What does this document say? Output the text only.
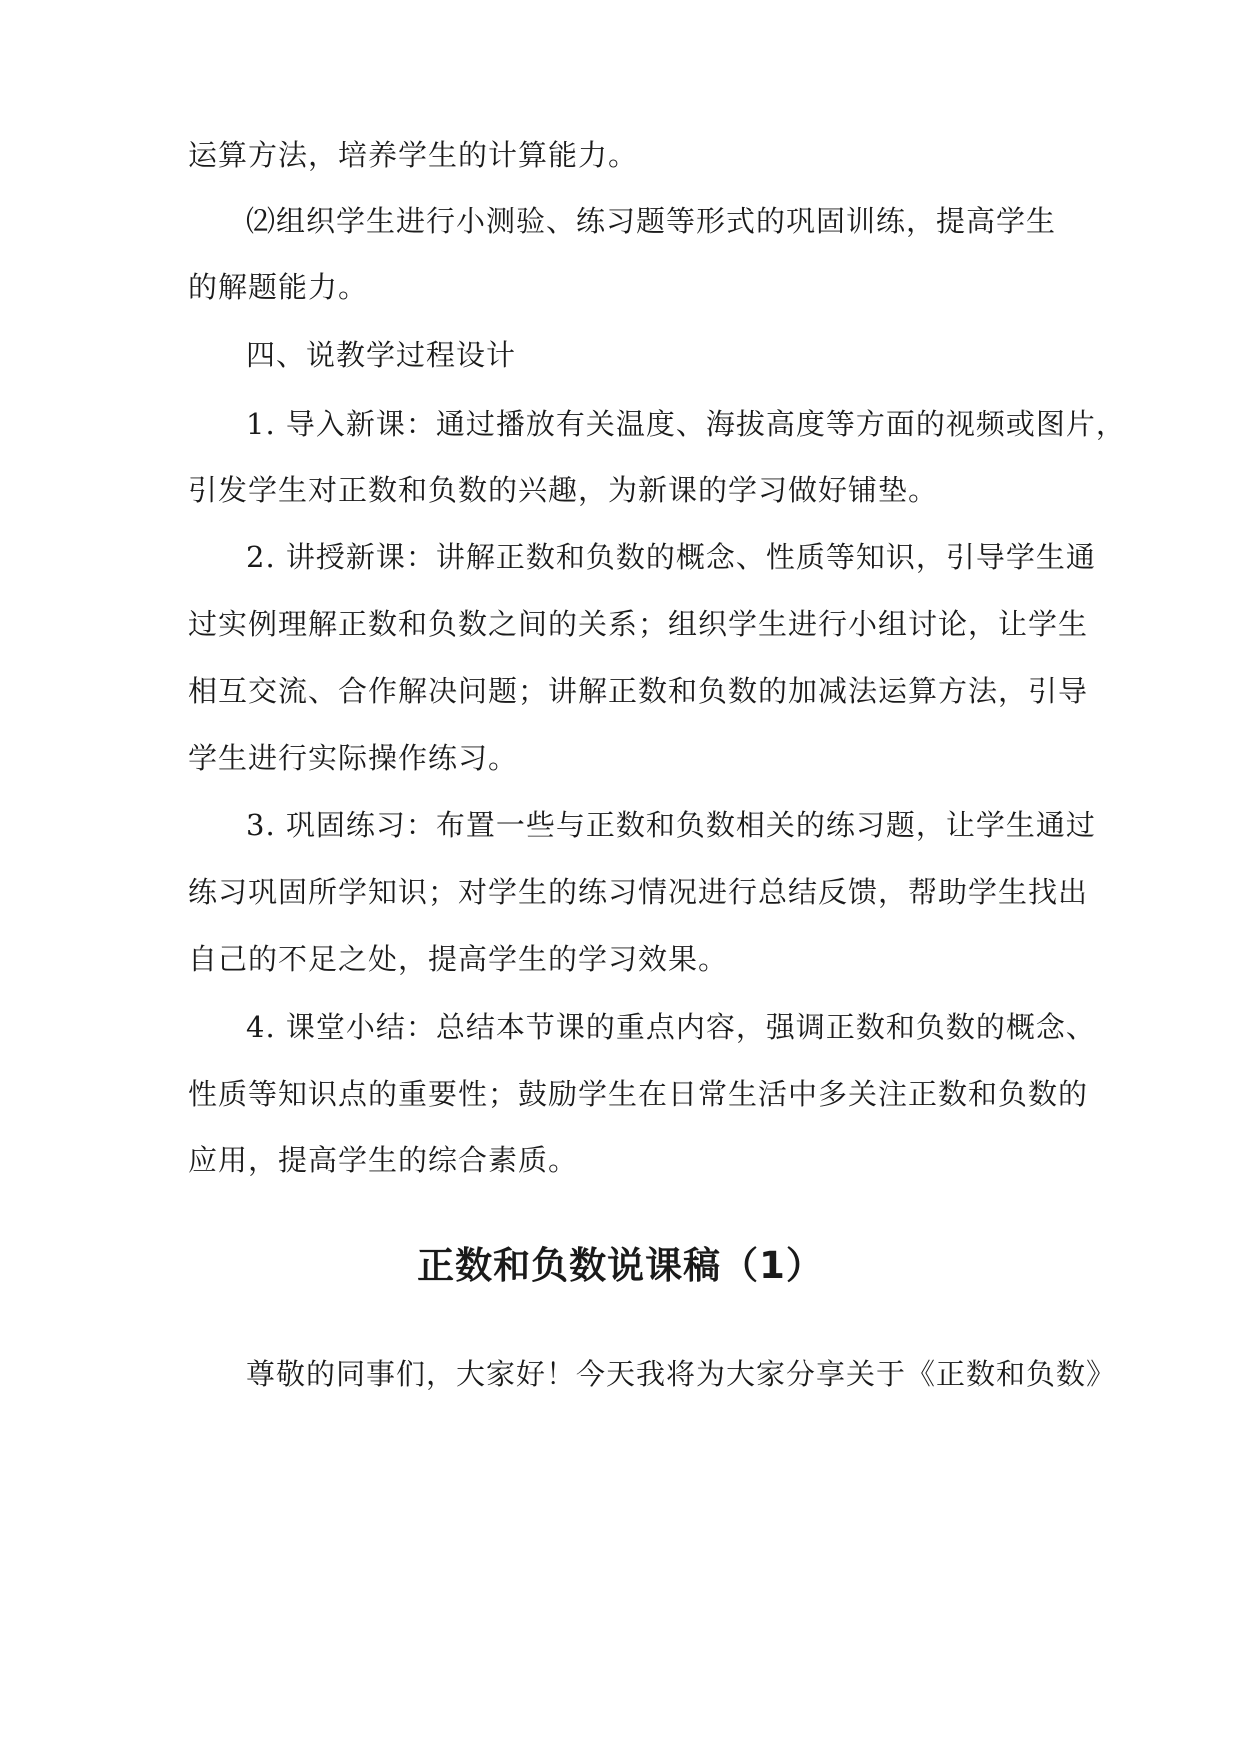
运算方法，培养学生的计算能力。
⑵组织学生进行小测验、练习题等形式的巩固训练，提高学生
的解题能力。
四、说教学过程设计
1. 导入新课：通过播放有关温度、海拔高度等方面的视频或图片，
引发学生对正数和负数的兴趣，为新课的学习做好铺垫。
2. 讲授新课：讲解正数和负数的概念、性质等知识，引导学生通
过实例理解正数和负数之间的关系；组织学生进行小组讨论，让学生
相互交流、合作解决问题；讲解正数和负数的加减法运算方法，引导
学生进行实际操作练习。
3. 巩固练习：布置一些与正数和负数相关的练习题，让学生通过
练习巩固所学知识；对学生的练习情况进行总结反馈，帮助学生找出
自己的不足之处，提高学生的学习效果。
4. 课堂小结：总结本节课的重点内容，强调正数和负数的概念、
性质等知识点的重要性；鼓励学生在日常生活中多关注正数和负数的
应用，提高学生的综合素质。
正数和负数说课稿（1）
尊敬的同事们，大家好！今天我将为大家分享关于《正数和负数》
